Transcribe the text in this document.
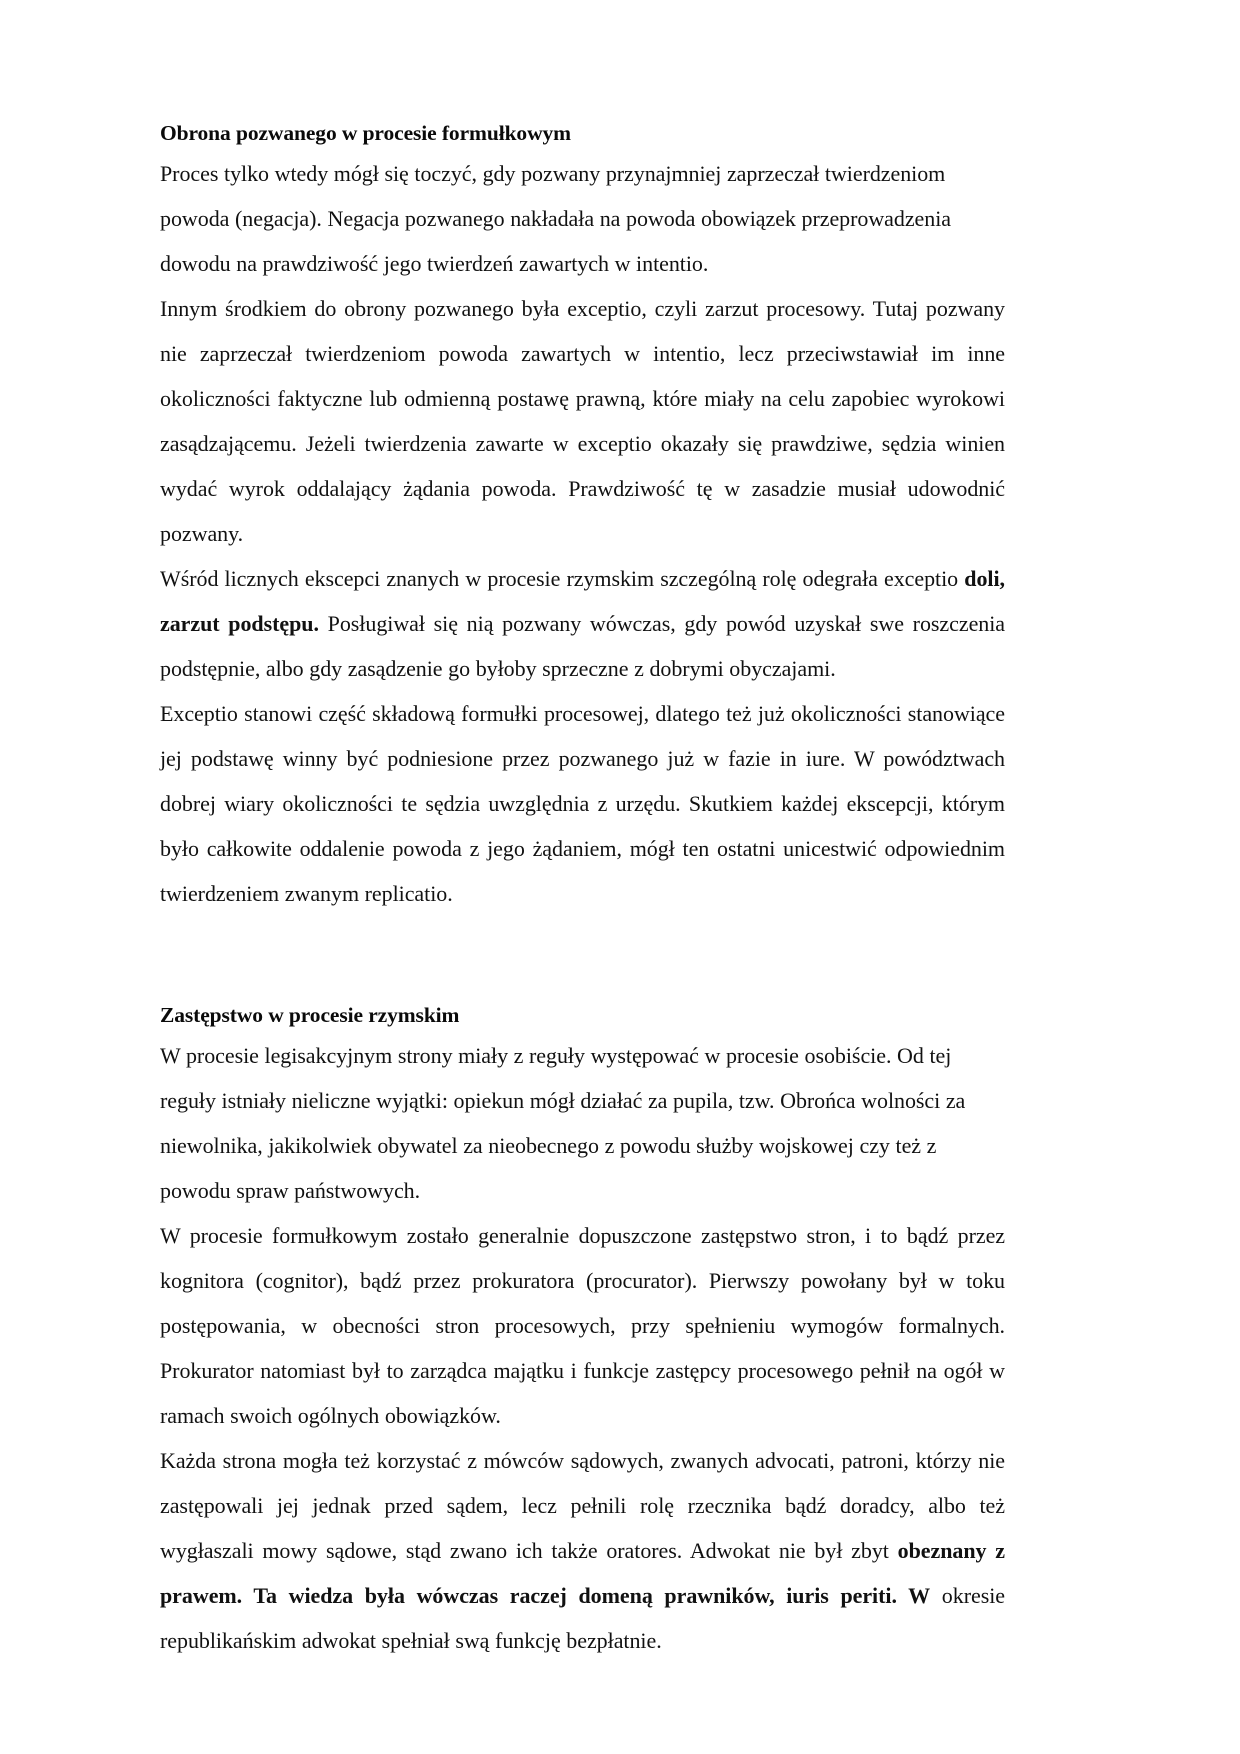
Obrona pozwanego w procesie formułkowym

Proces tylko wtedy mógł się toczyć, gdy pozwany przynajmniej zaprzeczał twierdzeniom powoda (negacja). Negacja pozwanego nakładała na powoda obowiązek przeprowadzenia dowodu na prawdziwość jego twierdzeń zawartych w intentio.

Innym środkiem do obrony pozwanego była exceptio, czyli zarzut procesowy. Tutaj pozwany nie zaprzeczał twierdzeniom powoda zawartych w intentio, lecz przeciwstawiał im inne okoliczności faktyczne lub odmienną postawę prawną, które miały na celu zapobiec wyrokowi zasądzającemu. Jeżeli twierdzenia zawarte w exceptio okazały się prawdziwe, sędzia winien wydać wyrok oddalający żądania powoda. Prawdziwość tę w zasadzie musiał udowodnić pozwany.

Wśród licznych ekscepci znanych w procesie rzymskim szczególną rolę odegrała exceptio doli, zarzut podstępu. Posługiwał się nią pozwany wówczas, gdy powód uzyskał swe roszczenia podstępnie, albo gdy zasądzenie go byłoby sprzeczne z dobrymi obyczajami.

Exceptio stanowi część składową formułki procesowej, dlatego też już okoliczności stanowiące jej podstawę winny być podniesione przez pozwanego już w fazie in iure. W powództwach dobrej wiary okoliczności te sędzia uwzględnia z urzędu. Skutkiem każdej ekscepcji, którym było całkowite oddalenie powoda z jego żądaniem, mógł ten ostatni unicestwić odpowiednim twierdzeniem zwanym replicatio.

Zastępstwo w procesie rzymskim

W procesie legisakcyjnym strony miały z reguły występować w procesie osobiście. Od tej reguły istniały nieliczne wyjątki: opiekun mógł działać za pupila, tzw. Obrońca wolności za niewolnika, jakikolwiek obywatel za nieobecnego z powodu służby wojskowej czy też z powodu spraw państwowych.

W procesie formułkowym zostało generalnie dopuszczone zastępstwo stron, i to bądź przez kognitora (cognitor), bądź przez prokuratora (procurator). Pierwszy powołany był w toku postępowania, w obecności stron procesowych, przy spełnieniu wymogów formalnych. Prokurator natomiast był to zarządca majątku i funkcje zastępcy procesowego pełnił na ogół w ramach swoich ogólnych obowiązków.

Każda strona mogła też korzystać z mówców sądowych, zwanych advocati, patroni, którzy nie zastępowali jej jednak przed sądem, lecz pełnili rolę rzecznika bądź doradcy, albo też wygłaszali mowy sądowe, stąd zwano ich także oratores. Adwokat nie był zbyt obeznany z prawem. Ta wiedza była wówczas raczej domeną prawników, iuris periti. W okresie republikańskim adwokat spełniał swą funkcję bezpłatnie.
